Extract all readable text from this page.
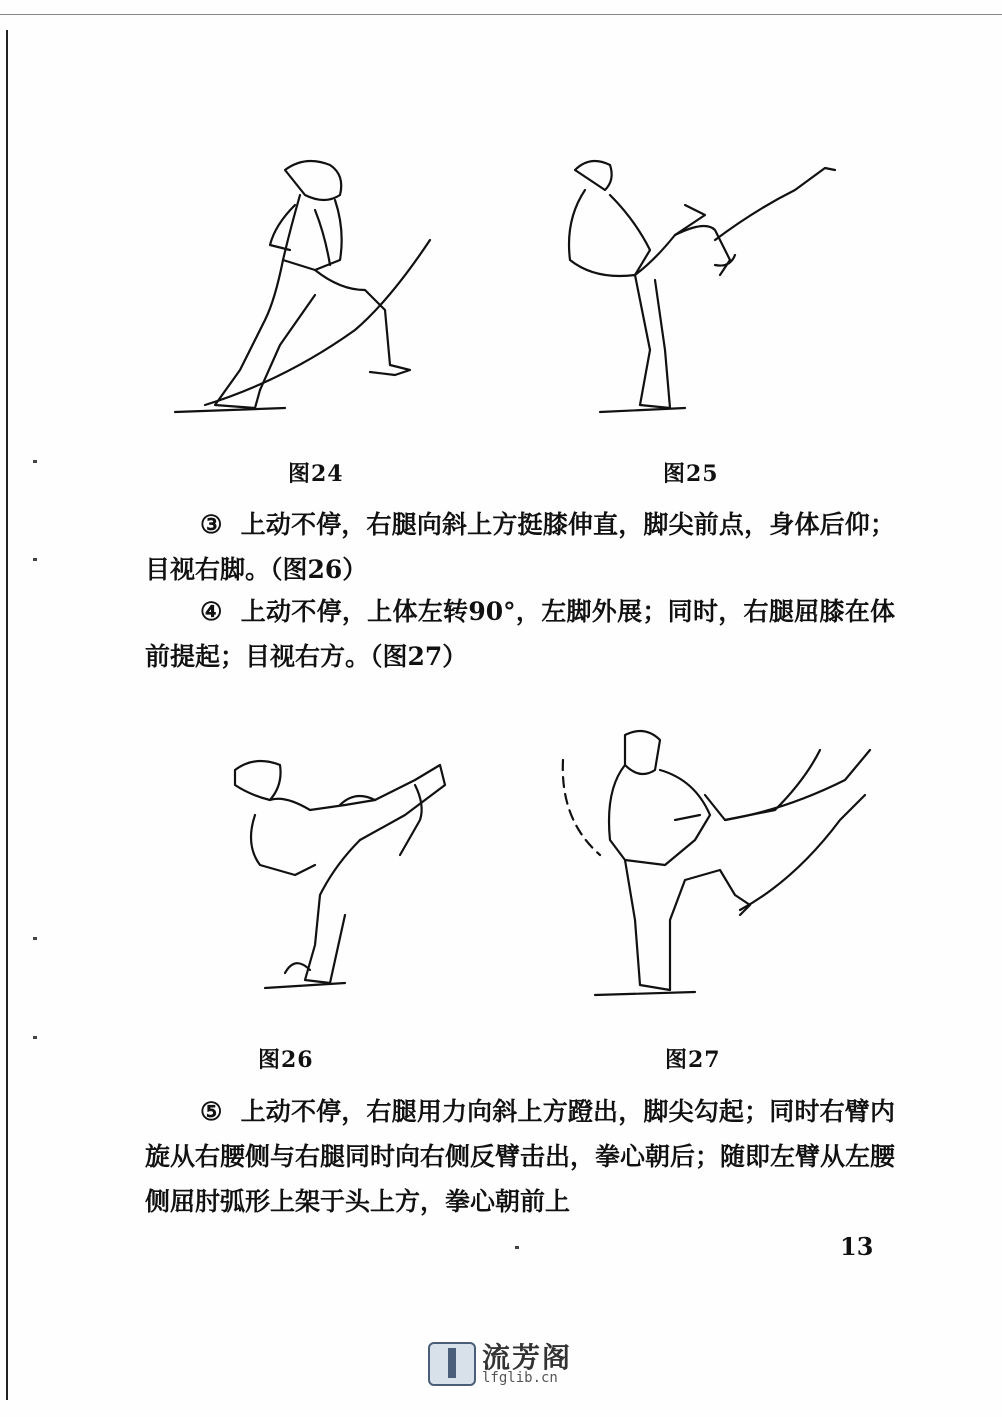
图24	图25
③ 上动不停，右腿向斜上方挺膝伸直，脚尖前点，身体后仰；目视右脚。（图26）
④ 上动不停，上体左转90°，左脚外展；同时，右腿屈膝在体前提起；目视右方。（图27）
图26	图27
⑤ 上动不停，右腿用力向斜上方蹬出，脚尖勾起；同时右臂内旋从右腰侧与右腿同时向右侧反臂击出，拳心朝后；随即左臂从左腰侧屈肘弧形上架于头上方，拳心朝前上
13
流芳阁
lfglib.cn
